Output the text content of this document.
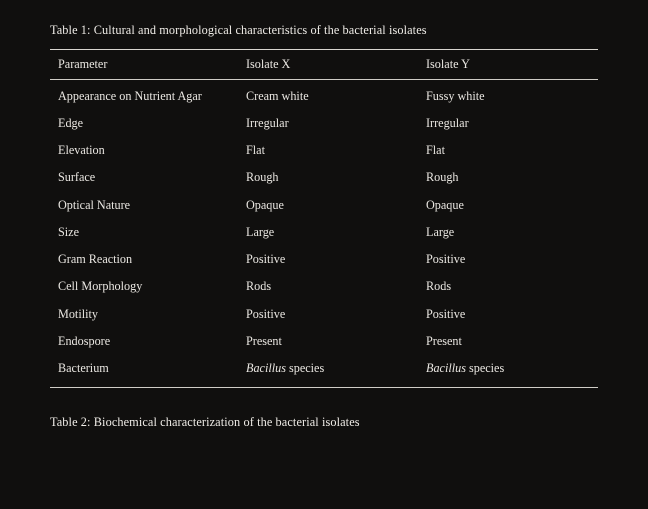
Table 1: Cultural and morphological characteristics of the bacterial isolates
Parameter	Isolate X	Isolate Y
Appearance on Nutrient Agar	Cream white	Fussy white
Edge	Irregular	Irregular
Elevation	Flat	Flat
Surface	Rough	Rough
Optical Nature	Opaque	Opaque
Size	Large	Large
Gram Reaction	Positive	Positive
Cell Morphology	Rods	Rods
Motility	Positive	Positive
Endospore	Present	Present
Bacterium	Bacillus species	Bacillus species
Table 2: Biochemical characterization of the bacterial isolates
